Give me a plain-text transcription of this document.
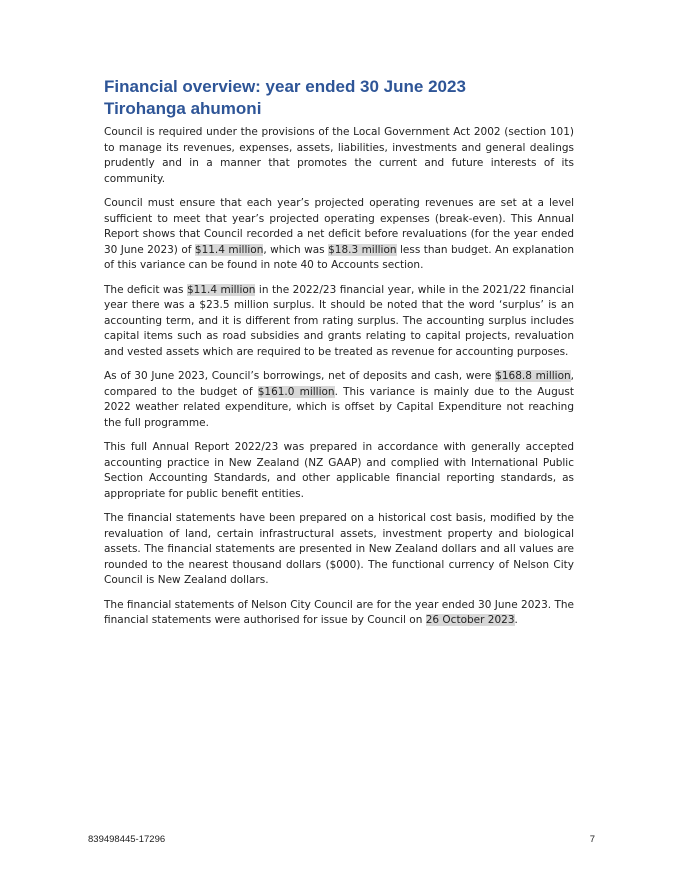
Financial overview: year ended 30 June 2023
Tirohanga ahumoni

Council is required under the provisions of the Local Government Act 2002 (section 101) to manage its revenues, expenses, assets, liabilities, investments and general dealings prudently and in a manner that promotes the current and future interests of its community.

Council must ensure that each year’s projected operating revenues are set at a level sufficient to meet that year’s projected operating expenses (break-even). This Annual Report shows that Council recorded a net deficit before revaluations (for the year ended 30 June 2023) of $11.4 million, which was $18.3 million less than budget. An explanation of this variance can be found in note 40 to Accounts section.

The deficit was $11.4 million in the 2022/23 financial year, while in the 2021/22 financial year there was a $23.5 million surplus. It should be noted that the word ‘surplus’ is an accounting term, and it is different from rating surplus. The accounting surplus includes capital items such as road subsidies and grants relating to capital projects, revaluation and vested assets which are required to be treated as revenue for accounting purposes.

As of 30 June 2023, Council’s borrowings, net of deposits and cash, were $168.8 million, compared to the budget of $161.0 million. This variance is mainly due to the August 2022 weather related expenditure, which is offset by Capital Expenditure not reaching the full programme.

This full Annual Report 2022/23 was prepared in accordance with generally accepted accounting practice in New Zealand (NZ GAAP) and complied with International Public Section Accounting Standards, and other applicable financial reporting standards, as appropriate for public benefit entities.

The financial statements have been prepared on a historical cost basis, modified by the revaluation of land, certain infrastructural assets, investment property and biological assets. The financial statements are presented in New Zealand dollars and all values are rounded to the nearest thousand dollars ($000). The functional currency of Nelson City Council is New Zealand dollars.

The financial statements of Nelson City Council are for the year ended 30 June 2023. The financial statements were authorised for issue by Council on 26 October 2023.

839498445-17296	7
